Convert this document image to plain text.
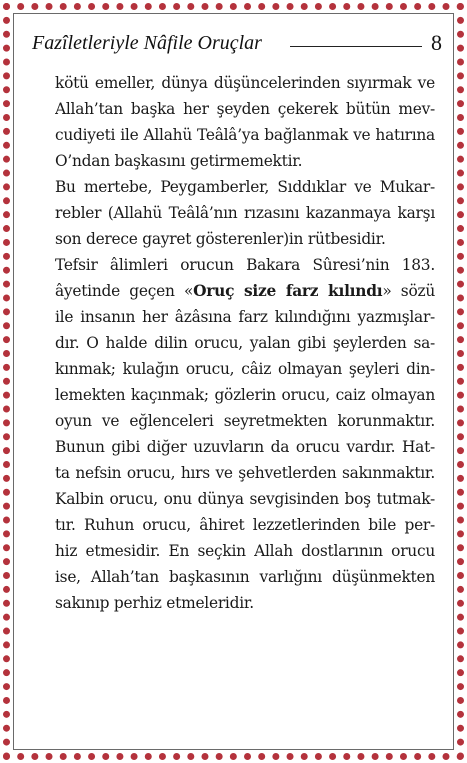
Fazîletleriyle Nâfile Oruçlar	8
kötü emeller, dünya düşüncelerinden sıyırmak ve
Allah’tan başka her şeyden çekerek bütün mev-
cudiyeti ile Allahü Teâlâ’ya bağlanmak ve hatırına
O’ndan başkasını getirmemektir.
Bu mertebe, Peygamberler, Sıddıklar ve Mukar-
rebler (Allahü Teâlâ’nın rızasını kazanmaya karşı
son derece gayret gösterenler)in rütbesidir.
Tefsir âlimleri orucun Bakara Sûresi’nin 183.
âyetinde geçen «Oruç size farz kılındı» sözü
ile insanın her âzâsına farz kılındığını yazmışlar-
dır. O halde dilin orucu, yalan gibi şeylerden sa-
kınmak; kulağın orucu, câiz olmayan şeyleri din-
lemekten kaçınmak; gözlerin orucu, caiz olmayan
oyun ve eğlenceleri seyretmekten korunmaktır.
Bunun gibi diğer uzuvların da orucu vardır. Hat-
ta nefsin orucu, hırs ve şehvetlerden sakınmaktır.
Kalbin orucu, onu dünya sevgisinden boş tutmak-
tır. Ruhun orucu, âhiret lezzetlerinden bile per-
hiz etmesidir. En seçkin Allah dostlarının orucu
ise, Allah’tan başkasının varlığını düşünmekten
sakınıp perhiz etmeleridir.
